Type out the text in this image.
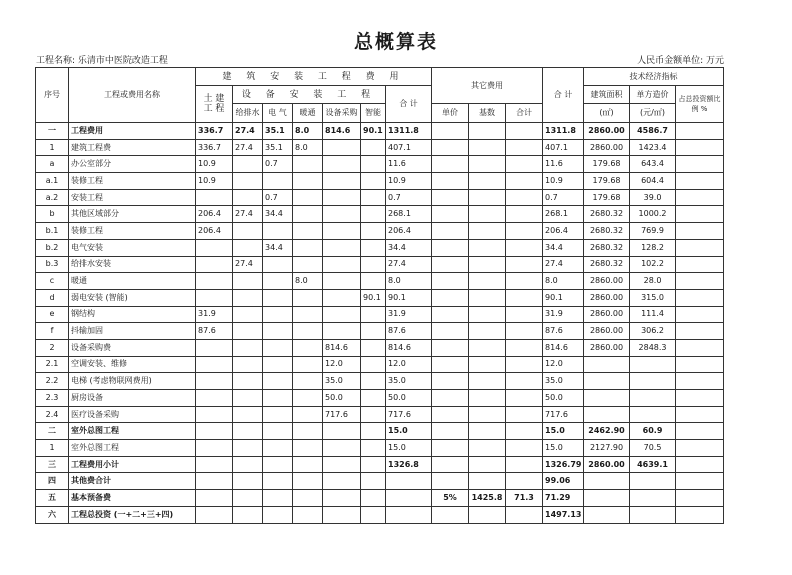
总概算表
工程名称: 乐清市中医院改造工程	人民币金额单位: 万元
序号	工程或费用名称	建 筑 安 装 工 程 费 用							其它费用			合 计	技术经济指标		
		土 建 工 程	设 备 安 装 工 程					合 计					建筑面积	单方造价	占总投资额比例 %
			给排水	电 气	暖通	设备采购	智能		单价	基数	合计		(㎡)	(元/㎡)	
一	工程费用	336.7	27.4	35.1	8.0	814.6	90.1	1311.8				1311.8	2860.00	4586.7	
1	建筑工程费	336.7	27.4	35.1	8.0			407.1				407.1	2860.00	1423.4	
a	办公室部分	10.9		0.7				11.6				11.6	179.68	643.4	
a.1	装修工程	10.9						10.9				10.9	179.68	604.4	
a.2	安装工程			0.7				0.7				0.7	179.68	39.0	
b	其他区域部分	206.4	27.4	34.4				268.1				268.1	2680.32	1000.2	
b.1	装修工程	206.4						206.4				206.4	2680.32	769.9	
b.2	电气安装			34.4				34.4				34.4	2680.32	128.2	
b.3	给排水安装		27.4					27.4				27.4	2680.32	102.2	
c	暖通				8.0			8.0				8.0	2860.00	28.0	
d	弱电安装 (智能)						90.1	90.1				90.1	2860.00	315.0	
e	钢结构	31.9						31.9				31.9	2860.00	111.4	
f	抖输加固	87.6						87.6				87.6	2860.00	306.2	
2	设备采购费					814.6		814.6				814.6	2860.00	2848.3	
2.1	空调安装、维修					12.0		12.0				12.0			
2.2	电梯 (考虑物联网费用)					35.0		35.0				35.0			
2.3	厨房设备					50.0		50.0				50.0			
2.4	医疗设备采购					717.6		717.6				717.6			
二	室外总图工程							15.0				15.0	2462.90	60.9	
1	室外总图工程							15.0				15.0	2127.90	70.5	
三	工程费用小计							1326.8				1326.79	2860.00	4639.1	
四	其他费合计											99.06			
五	基本预备费								5%	1425.8	71.3	71.29			
六	工程总投资 (一+二+三+四)											1497.13			
